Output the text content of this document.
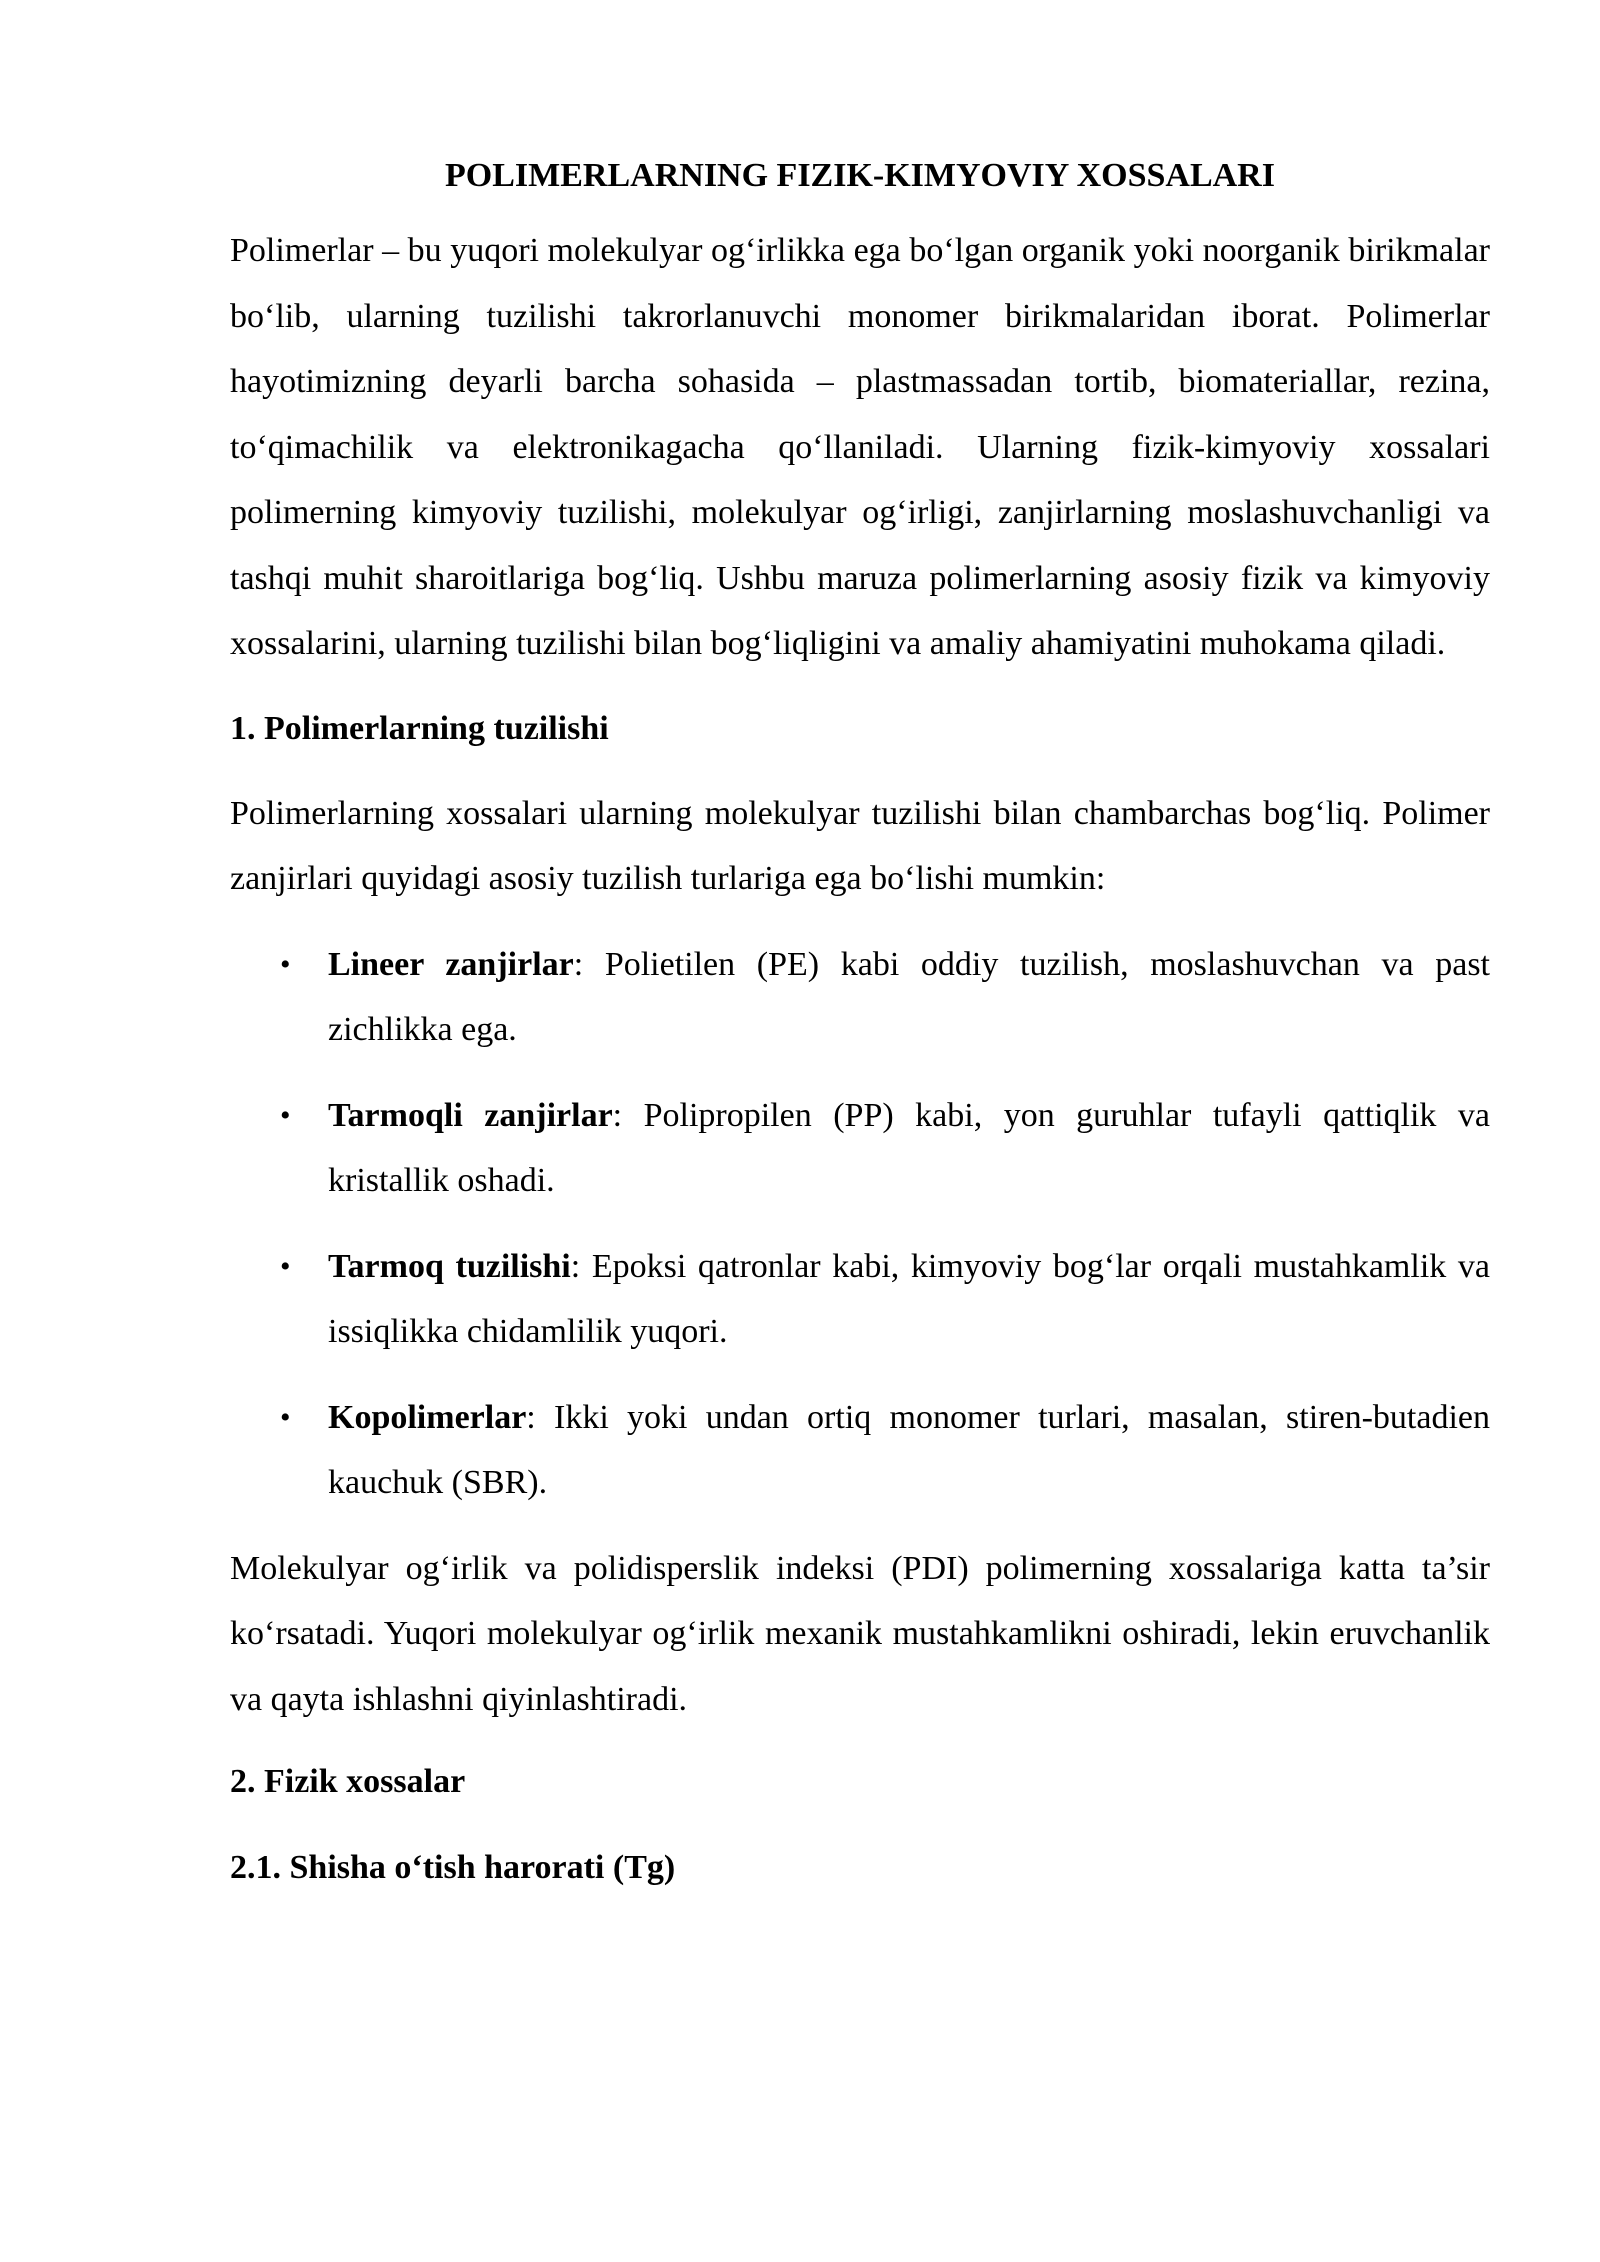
POLIMERLARNING FIZIK-KIMYOVIY XOSSALARI

Polimerlar – bu yuqori molekulyar og‘irlikka ega bo‘lgan organik yoki noorganik birikmalar bo‘lib, ularning tuzilishi takrorlanuvchi monomer birikmalaridan iborat. Polimerlar hayotimizning deyarli barcha sohasida – plastmassadan tortib, biomateriallar, rezina, to‘qimachilik va elektronikagacha qo‘llaniladi. Ularning fizik-kimyoviy xossalari polimerning kimyoviy tuzilishi, molekulyar og‘irligi, zanjirlarning moslashuvchanligi va tashqi muhit sharoitlariga bog‘liq. Ushbu maruza polimerlarning asosiy fizik va kimyoviy xossalarini, ularning tuzilishi bilan bog‘liqligini va amaliy ahamiyatini muhokama qiladi.

1. Polimerlarning tuzilishi

Polimerlarning xossalari ularning molekulyar tuzilishi bilan chambarchas bog‘liq. Polimer zanjirlari quyidagi asosiy tuzilish turlariga ega bo‘lishi mumkin:

• Lineer zanjirlar: Polietilen (PE) kabi oddiy tuzilish, moslashuvchan va past zichlikka ega.
• Tarmoqli zanjirlar: Polipropilen (PP) kabi, yon guruhlar tufayli qattiqlik va kristallik oshadi.
• Tarmoq tuzilishi: Epoksi qatronlar kabi, kimyoviy bog‘lar orqali mustahkamlik va issiqlikka chidamlilik yuqori.
• Kopolimerlar: Ikki yoki undan ortiq monomer turlari, masalan, stiren-butadien kauchuk (SBR).

Molekulyar og‘irlik va polidisperslik indeksi (PDI) polimerning xossalariga katta ta’sir ko‘rsatadi. Yuqori molekulyar og‘irlik mexanik mustahkamlikni oshiradi, lekin eruvchanlik va qayta ishlashni qiyinlashtiradi.

2. Fizik xossalar
2.1. Shisha o‘tish harorati (Tg)
